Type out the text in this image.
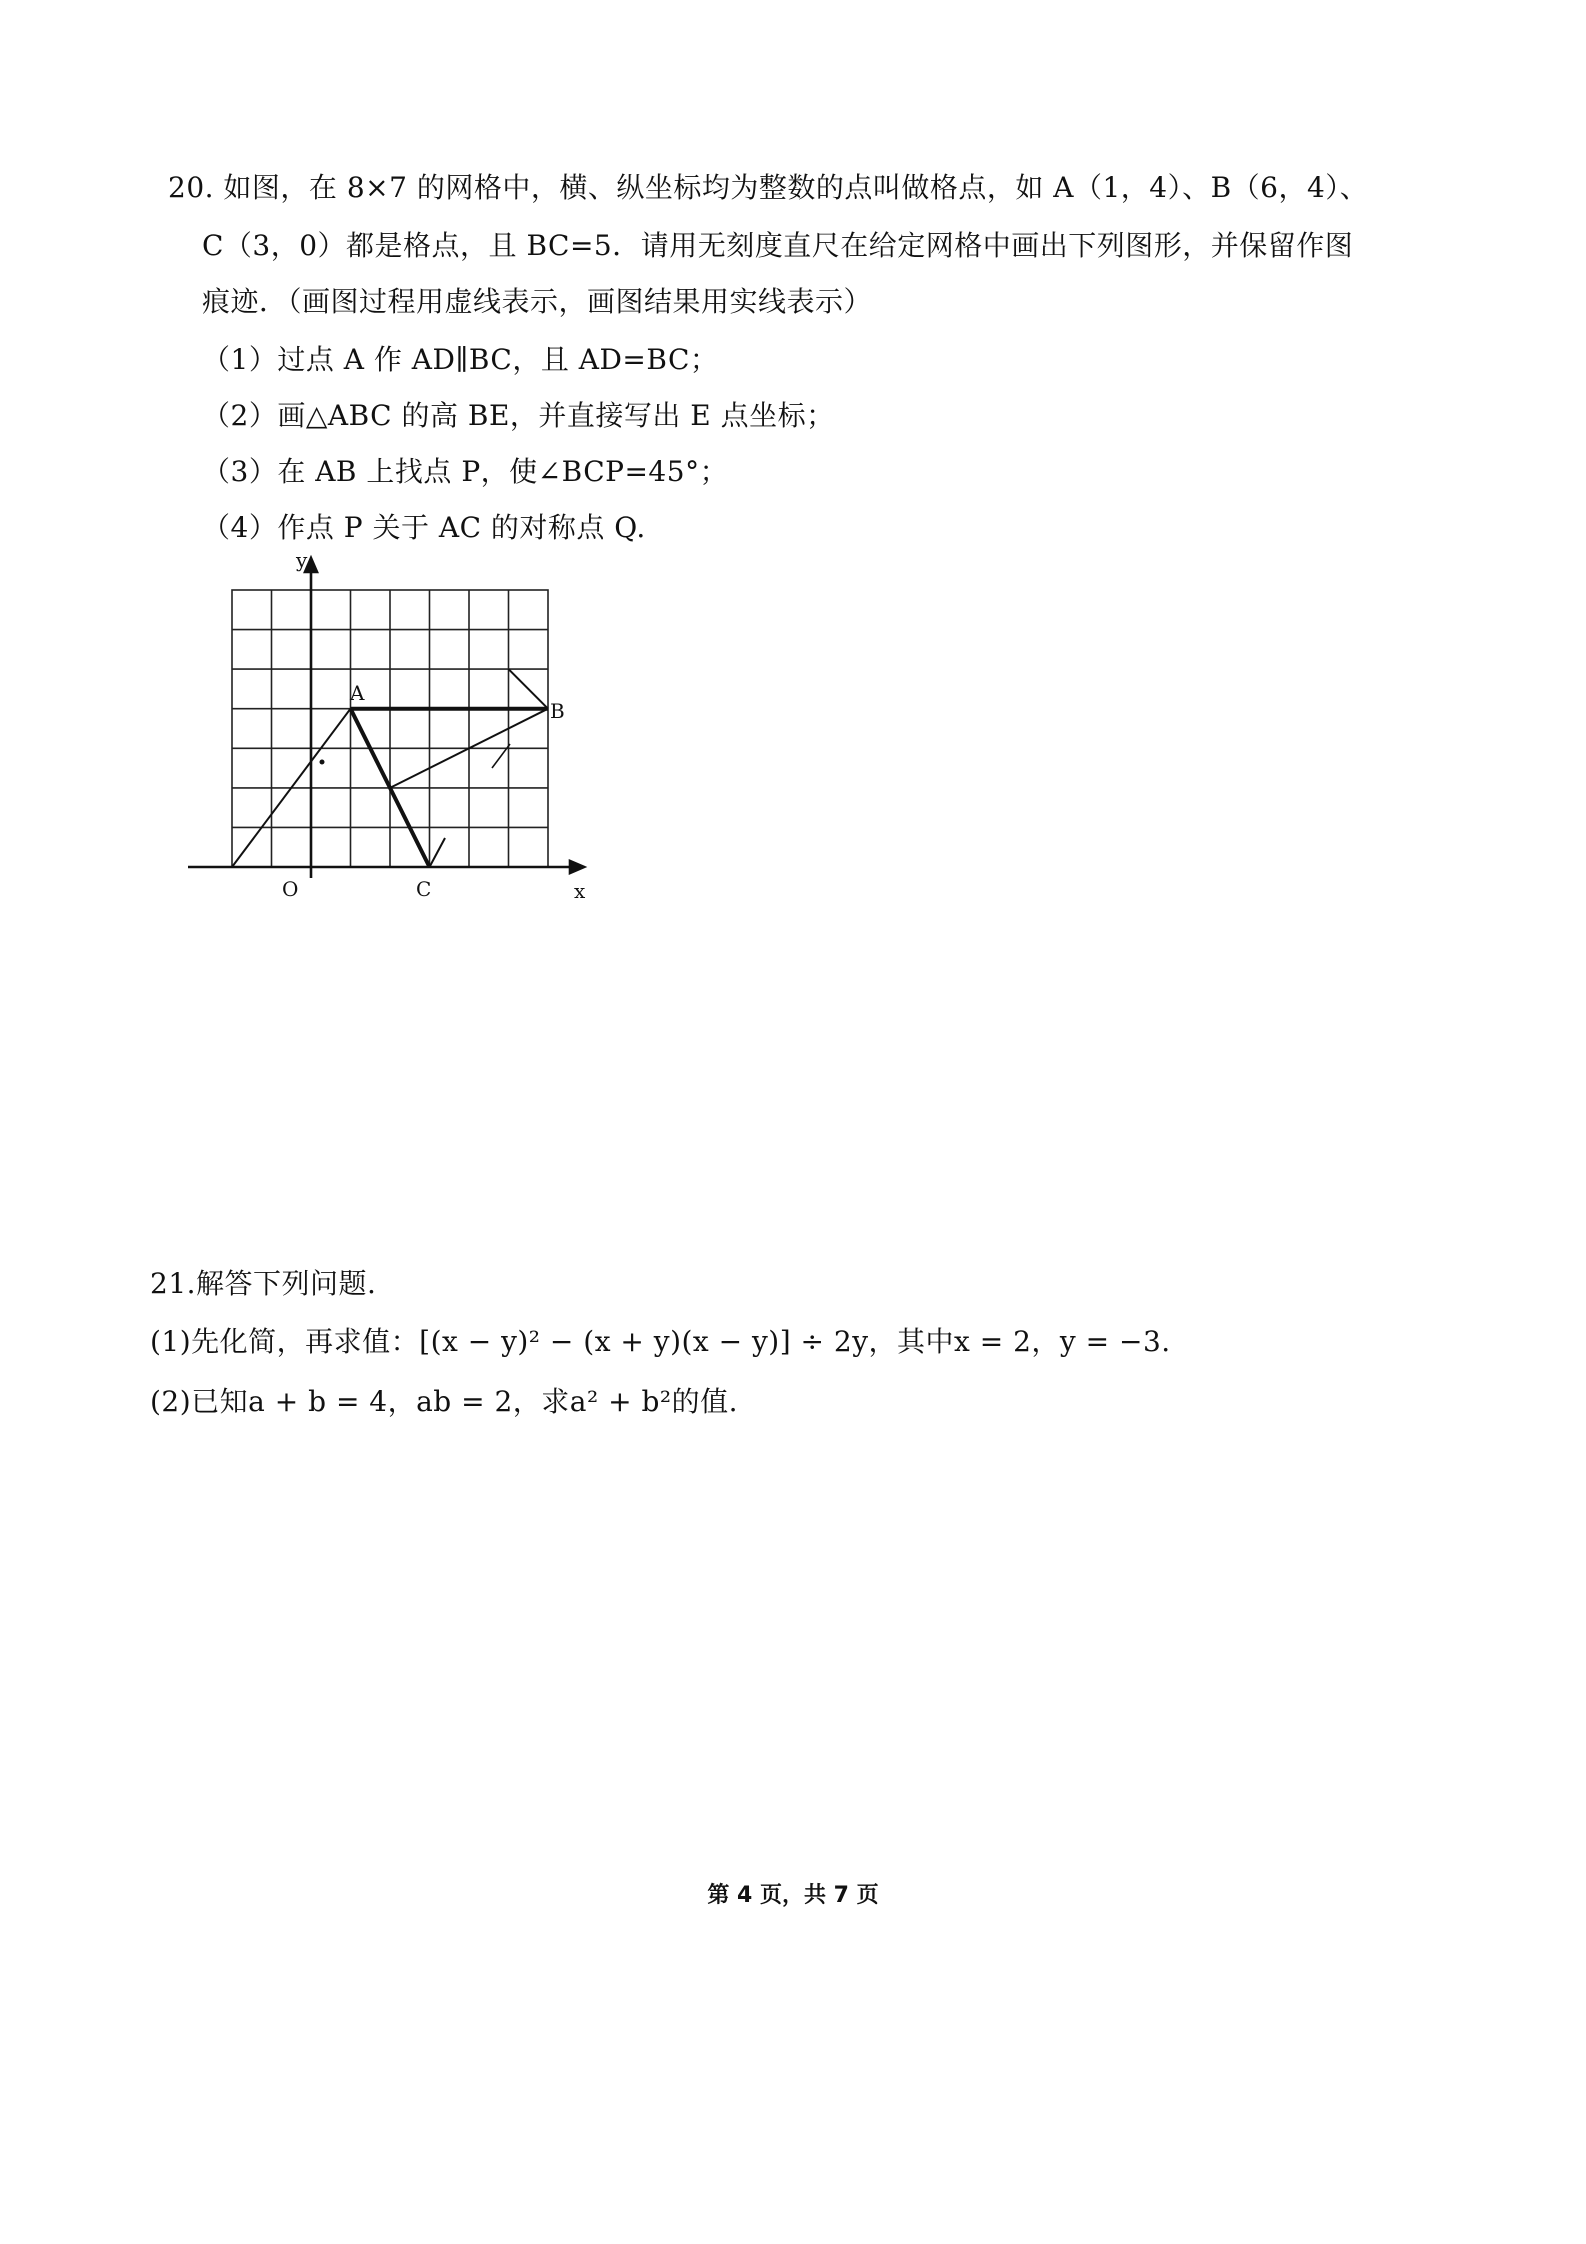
20. 如图，在 8×7 的网格中，横、纵坐标均为整数的点叫做格点，如 A（1，4）、B（6，4）、
C（3，0）都是格点，且 BC=5．请用无刻度直尺在给定网格中画出下列图形，并保留作图
痕迹．（画图过程用虚线表示，画图结果用实线表示）
（1）过点 A 作 AD∥BC，且 AD=BC；
（2）画△ABC 的高 BE，并直接写出 E 点坐标；
（3）在 AB 上找点 P，使∠BCP=45°；
（4）作点 P 关于 AC 的对称点 Q.
y
x
O
A
B
C
21.解答下列问题.
(1)先化简，再求值：[(x − y)² − (x + y)(x − y)] ÷ 2y，其中x = 2，y = −3.
(2)已知a + b = 4，ab = 2，求a² + b²的值.
第 4 页，共 7 页
